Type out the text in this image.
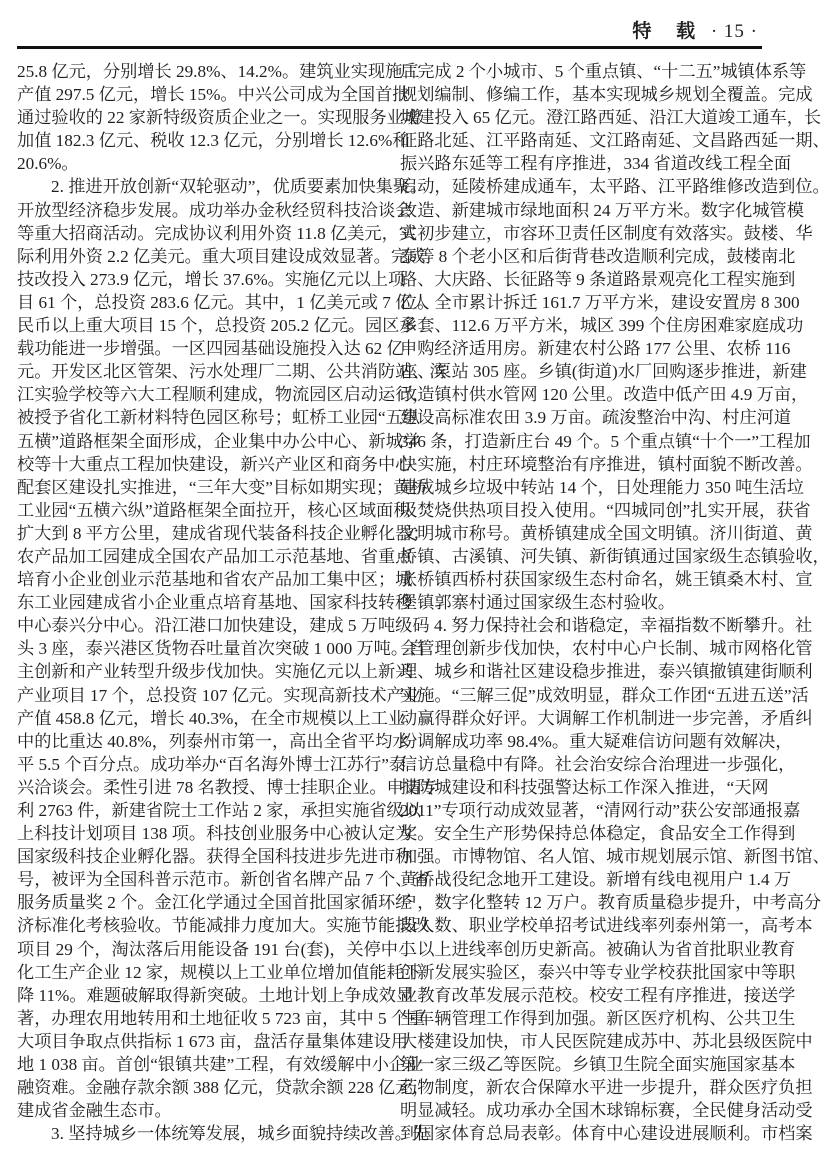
特 载 · 15 ·
25.8 亿元，分别增长 29.8%、14.2%。建筑业实现施工
产值 297.5 亿元，增长 15%。中兴公司成为全国首批
通过验收的 22 家新特级资质企业之一。实现服务业增
加值 182.3 亿元、税收 12.3 亿元，分别增长 12.6%和
20.6%。
2. 推进开放创新“双轮驱动”，优质要素加快集聚。
开放型经济稳步发展。成功举办金秋经贸科技洽谈会
等重大招商活动。完成协议利用外资 11.8 亿美元，实
际利用外资 2.2 亿美元。重大项目建设成效显著。完成
技改投入 273.9 亿元，增长 37.6%。实施亿元以上项
目 61 个，总投资 283.6 亿元。其中，1 亿美元或 7 亿人
民币以上重大项目 15 个，总投资 205.2 亿元。园区承
载功能进一步增强。一区四园基础设施投入达 62 亿
元。开发区北区管架、污水处理厂二期、公共消防站、滨
江实验学校等六大工程顺利建成，物流园区启动运行，
被授予省化工新材料特色园区称号；虹桥工业园“五纵
五横”道路框架全面形成，企业集中办公中心、新城学
校等十大重点工程加快建设，新兴产业区和商务中心
配套区建设扎实推进，“三年大变”目标如期实现；黄桥
工业园“五横六纵”道路框架全面拉开，核心区域面积
扩大到 8 平方公里，建成省现代装备科技企业孵化器；
农产品加工园建成全国农产品加工示范基地、省重点
培育小企业创业示范基地和省农产品加工集中区；城
东工业园建成省小企业重点培育基地、国家科技转移
中心泰兴分中心。沿江港口加快建设，建成 5 万吨级码
头 3 座，泰兴港区货物吞吐量首次突破 1 000 万吨。自
主创新和产业转型升级步伐加快。实施亿元以上新兴
产业项目 17 个，总投资 107 亿元。实现高新技术产业
产值 458.8 亿元，增长 40.3%，在全市规模以上工业
中的比重达 40.8%，列泰州市第一，高出全省平均水
平 5.5 个百分点。成功举办“百名海外博士江苏行”泰
兴洽谈会。柔性引进 78 名教授、博士挂职企业。申请专
利 2763 件，新建省院士工作站 2 家，承担实施省级以
上科技计划项目 138 项。科技创业服务中心被认定为
国家级科技企业孵化器。获得全国科技进步先进市称
号，被评为全国科普示范市。新创省名牌产品 7 个、省
服务质量奖 2 个。金江化学通过全国首批国家循环经
济标准化考核验收。节能减排力度加大。实施节能技改
项目 29 个，淘汰落后用能设备 191 台(套)，关停中小
化工生产企业 12 家，规模以上工业单位增加值能耗下
降 11%。难题破解取得新突破。土地计划上争成效显
著，办理农用地转用和土地征收 5 723 亩，其中 5 个重
大项目争取点供指标 1 673 亩，盘活存量集体建设用
地 1 038 亩。首创“银镇共建”工程，有效缓解中小企业
融资难。金融存款余额 388 亿元，贷款余额 228 亿元，
建成省金融生态市。
3. 坚持城乡一体统筹发展，城乡面貌持续改善。先
后完成 2 个小城市、5 个重点镇、“十二五”城镇体系等
规划编制、修编工作，基本实现城乡规划全覆盖。完成
城建投入 65 亿元。澄江路西延、沿江大道竣工通车，长
征路北延、江平路南延、文江路南延、文昌路西延一期、
振兴路东延等工程有序推进，334 省道改线工程全面
启动，延陵桥建成通车，太平路、江平路维修改造到位。
改造、新建城市绿地面积 24 万平方米。数字化城管模
式初步建立，市容环卫责任区制度有效落实。鼓楼、华
泰等 8 个老小区和后街背巷改造顺利完成，鼓楼南北
路、大庆路、长征路等 9 条道路景观亮化工程实施到
位。全市累计拆迁 161.7 万平方米，建设安置房 8 300
多套、112.6 万平方米，城区 399 个住房困难家庭成功
申购经济适用房。新建农村公路 177 公里、农桥 116
座、泵站 305 座。乡镇(街道)水厂回购逐步推进，新建
改造镇村供水管网 120 公里。改造中低产田 4.9 万亩，
建设高标准农田 3.9 万亩。疏浚整治中沟、村庄河道
346 条，打造新庄台 49 个。5 个重点镇“十个一”工程加
快实施，村庄环境整治有序推进，镇村面貌不断改善。
建成城乡垃圾中转站 14 个，日处理能力 350 吨生活垃
圾焚烧供热项目投入使用。“四城同创”扎实开展，获省
文明城市称号。黄桥镇建成全国文明镇。济川街道、黄
桥镇、古溪镇、河失镇、新街镇通过国家级生态镇验收，
张桥镇西桥村获国家级生态村命名，姚王镇桑木村、宣
堡镇郭寨村通过国家级生态村验收。
4. 努力保持社会和谐稳定，幸福指数不断攀升。社
会管理创新步伐加快，农村中心户长制、城市网格化管
理、城乡和谐社区建设稳步推进，泰兴镇撤镇建街顺利
实施。“三解三促”成效明显，群众工作团“五进五送”活
动赢得群众好评。大调解工作机制进一步完善，矛盾纠
纷调解成功率 98.4%。重大疑难信访问题有效解决，
信访总量稳中有降。社会治安综合治理进一步强化，
技防城建设和科技强警达标工作深入推进，“天网
2011”专项行动成效显著，“清网行动”获公安部通报嘉
奖。安全生产形势保持总体稳定，食品安全工作得到
加强。市博物馆、名人馆、城市规划展示馆、新图书馆、
黄桥战役纪念地开工建设。新增有线电视用户 1.4 万
户，数字化整转 12 万户。教育质量稳步提升，中考高分
段人数、职业学校单招考试进线率列泰州第一，高考本
二以上进线率创历史新高。被确认为省首批职业教育
创新发展实验区，泰兴中等专业学校获批国家中等职
业教育改革发展示范校。校安工程有序推进，接送学
生车辆管理工作得到加强。新区医疗机构、公共卫生
大楼建设加快，市人民医院建成苏中、苏北县级医院中
第一家三级乙等医院。乡镇卫生院全面实施国家基本
药物制度，新农合保障水平进一步提升，群众医疗负担
明显减轻。成功承办全国木球锦标赛，全民健身活动受
到国家体育总局表彰。体育中心建设进展顺利。市档案
